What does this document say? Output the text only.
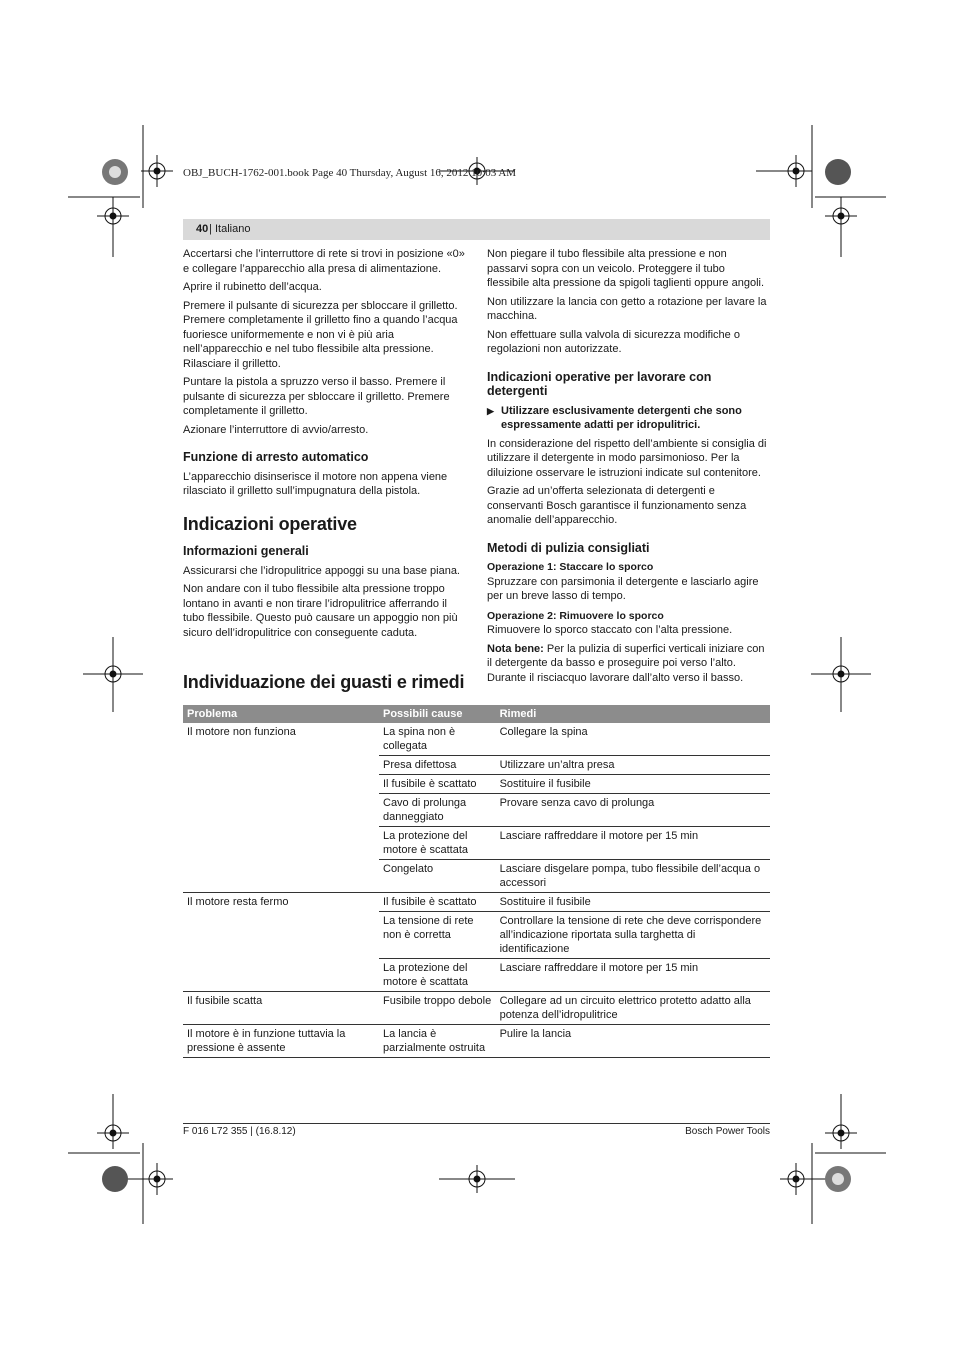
OBJ_BUCH-1762-001.book Page 40 Thursday, August 16, 2012 10:03 AM
40 | Italiano

Accertarsi che l’interruttore di rete si trovi in posizione «0» e collegare l’apparecchio alla presa di alimentazione.

Aprire il rubinetto dell’acqua.

Premere il pulsante di sicurezza per sbloccare il grilletto. Premere completamente il grilletto fino a quando l’acqua fuoriesce uniformemente e non vi è più aria nell’apparecchio e nel tubo flessibile alta pressione. Rilasciare il grilletto.

Puntare la pistola a spruzzo verso il basso. Premere il pulsante di sicurezza per sbloccare il grilletto. Premere completamente il grilletto.

Azionare l’interruttore di avvio/arresto.

Funzione di arresto automatico

L’apparecchio disinserisce il motore non appena viene rilasciato il grilletto sull’impugnatura della pistola.

Indicazioni operative

Informazioni generali

Assicurarsi che l’idropulitrice appoggi su una base piana.

Non andare con il tubo flessibile alta pressione troppo lontano in avanti e non tirare l’idropulitrice afferrando il tubo flessibile. Questo può causare un appoggio non più sicuro dell’idropulitrice con conseguente caduta.

Non piegare il tubo flessibile alta pressione e non passarvi sopra con un veicolo. Proteggere il tubo flessibile alta pressione da spigoli taglienti oppure angoli.

Non utilizzare la lancia con getto a rotazione per lavare la macchina.

Non effettuare sulla valvola di sicurezza modifiche o regolazioni non autorizzate.

Indicazioni operative per lavorare con detergenti

▶ Utilizzare esclusivamente detergenti che sono espressamente adatti per idropulitrici.

In considerazione del rispetto dell’ambiente si consiglia di utilizzare il detergente in modo parsimonioso. Per la diluizione osservare le istruzioni indicate sul contenitore.

Grazie ad un’offerta selezionata di detergenti e conservanti Bosch garantisce il funzionamento senza anomalie dell’apparecchio.

Metodi di pulizia consigliati

Operazione 1: Staccare lo sporco

Spruzzare con parsimonia il detergente e lasciarlo agire per un breve lasso di tempo.

Operazione 2: Rimuovere lo sporco

Rimuovere lo sporco staccato con l’alta pressione.

Nota bene: Per la pulizia di superfici verticali iniziare con il detergente da basso e proseguire poi verso l’alto. Durante il risciacquo lavorare dall’alto verso il basso.

Individuazione dei guasti e rimedi
Problema	Possibili cause	Rimedi
Il motore non funziona	La spina non è collegata	Collegare la spina
	Presa difettosa	Utilizzare un’altra presa
	Il fusibile è scattato	Sostituire il fusibile
	Cavo di prolunga danneggiato	Provare senza cavo di prolunga
	La protezione del motore è scattata	Lasciare raffreddare il motore per 15 min
	Congelato	Lasciare disgelare pompa, tubo flessibile dell’acqua o accessori
Il motore resta fermo	Il fusibile è scattato	Sostituire il fusibile
	La tensione di rete non è corretta	Controllare la tensione di rete che deve corrispondere all’indicazione riportata sulla targhetta di identificazione
	La protezione del motore è scattata	Lasciare raffreddare il motore per 15 min
Il fusibile scatta	Fusibile troppo debole	Collegare ad un circuito elettrico protetto adatto alla potenza dell’idropulitrice
Il motore è in funzione tuttavia la pressione è assente	La lancia è parzialmente ostruita	Pulire la lancia
F 016 L72 355 | (16.8.12)	Bosch Power Tools
